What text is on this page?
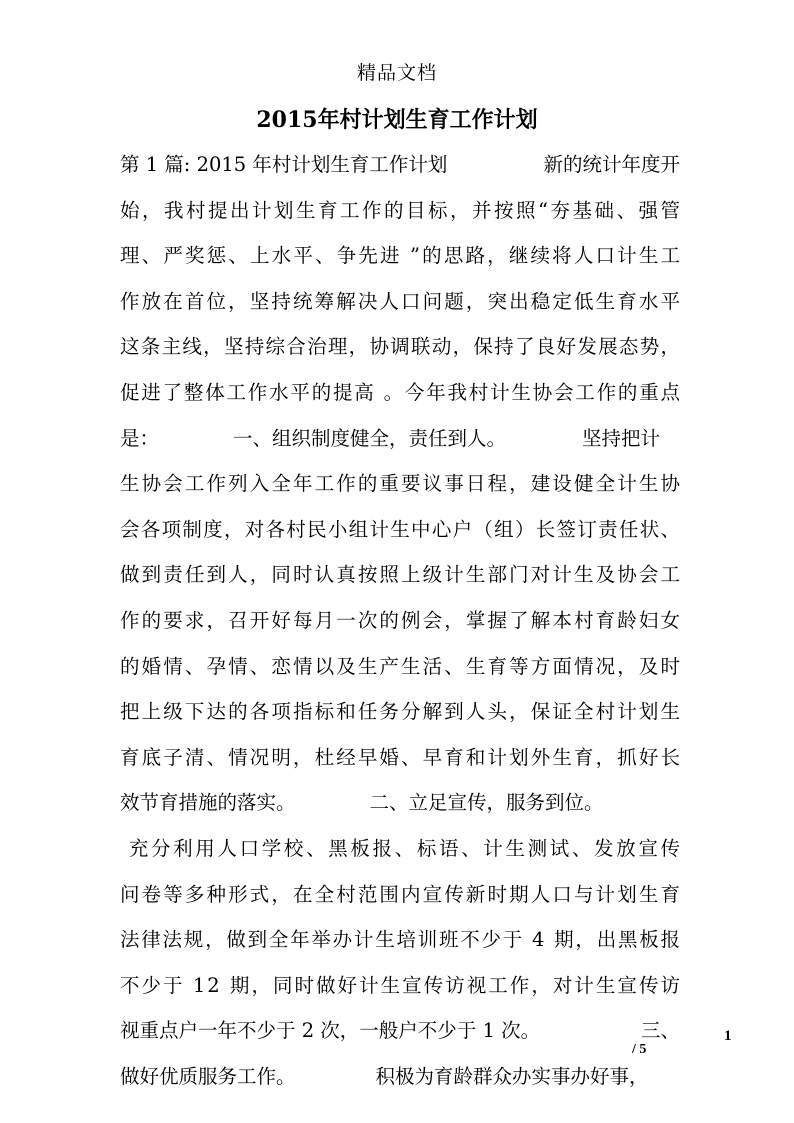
精品文档
2015年村计划生育工作计划
第 1 篇: 2015 年村计划生育工作计划	新的统计年度开
始，我村提出计划生育工作的目标，并按照“夯基础、强管
理、严奖惩、上水平、争先进 ”的思路，继续将人口计生工
作放在首位，坚持统筹解决人口问题，突出稳定低生育水平
这条主线，坚持综合治理，协调联动，保持了良好发展态势，
促进了整体工作水平的提高 。今年我村计生协会工作的重点
是：	一、组织制度健全，责任到人。	坚持把计
生协会工作列入全年工作的重要议事日程，建设健全计生协
会各项制度，对各村民小组计生中心户（组）长签订责任状、
做到责任到人，同时认真按照上级计生部门对计生及协会工
作的要求，召开好每月一次的例会，掌握了解本村育龄妇女
的婚情、孕情、恋情以及生产生活、生育等方面情况，及时
把上级下达的各项指标和任务分解到人头，保证全村计划生
育底子清、情况明，杜经早婚、早育和计划外生育，抓好长
效节育措施的落实。	二、立足宣传，服务到位。
充分利用人口学校、黑板报、标语、计生测试、发放宣传
问卷等多种形式，在全村范围内宣传新时期人口与计划生育
法律法规，做到全年举办计生培训班不少于 4 期，出黑板报
不少于 12 期，同时做好计生宣传访视工作，对计生宣传访
视重点户一年不少于 2 次，一般户不少于 1 次。	三、
做好优质服务工作。	积极为育龄群众办实事办好事，
1
/ 5
